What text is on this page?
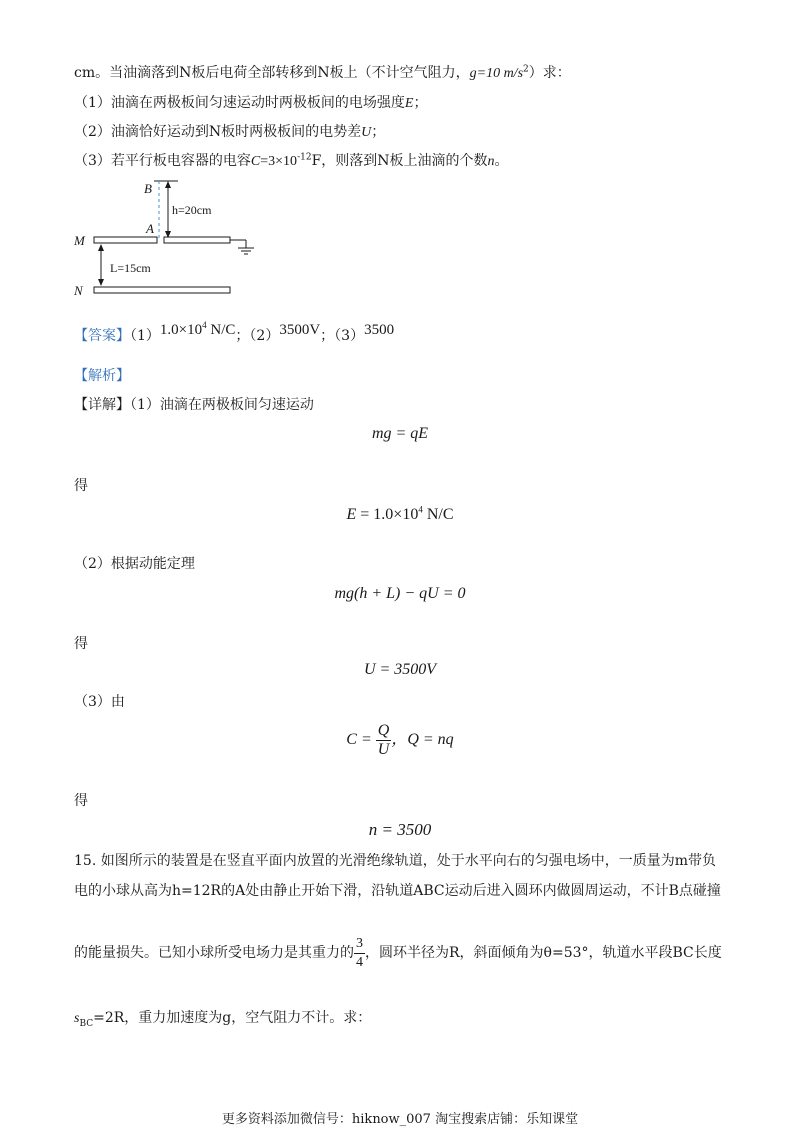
cm。当油滴落到N板后电荷全部转移到N板上（不计空气阻力，g=10 $m/s^2$）求：
（1）油滴在两极板间匀速运动时两极板间的电场强度E；
（2）油滴恰好运动到N板时两极板间的电势差U；
（3）若平行板电容器的电容$C=3\times 10^{-12}F$，则落到N板上油滴的个数n。
B
h=20cm
A
M
L=15cm
N
【答案】$(1)1.0\times 10^4$ N/C；（2）3500V；（3）3500
【解析】
【详解】（1）油滴在两极板间匀速运动
mg = qE
得
$E = 1.0\times 10^4$ N/C
（2）根据动能定理
mg(h + L) − qU = 0
得
U = 3500V
（3）由
$C = \frac{Q}{U}$ ，Q = nq
得
n = 3500
15. 如图所示的装置是在竖直平面内放置的光滑绝缘轨道，处于水平向右的匀强电场中，一质量为m带负
电的小球从高为h=12R的A处由静止开始下滑，沿轨道ABC运动后进入圆环内做圆周运动，不计B点碰撞
的能量损失。已知小球所受电场力是其重力的 $\frac{3}{4}$ ，圆环半径为R，斜面倾角为θ=53°，轨道水平段BC长度
$s_{BC}=2R$，重力加速度为g，空气阻力不计。求：
更多资料添加微信号：hiknow_007 淘宝搜索店铺：乐知课堂
